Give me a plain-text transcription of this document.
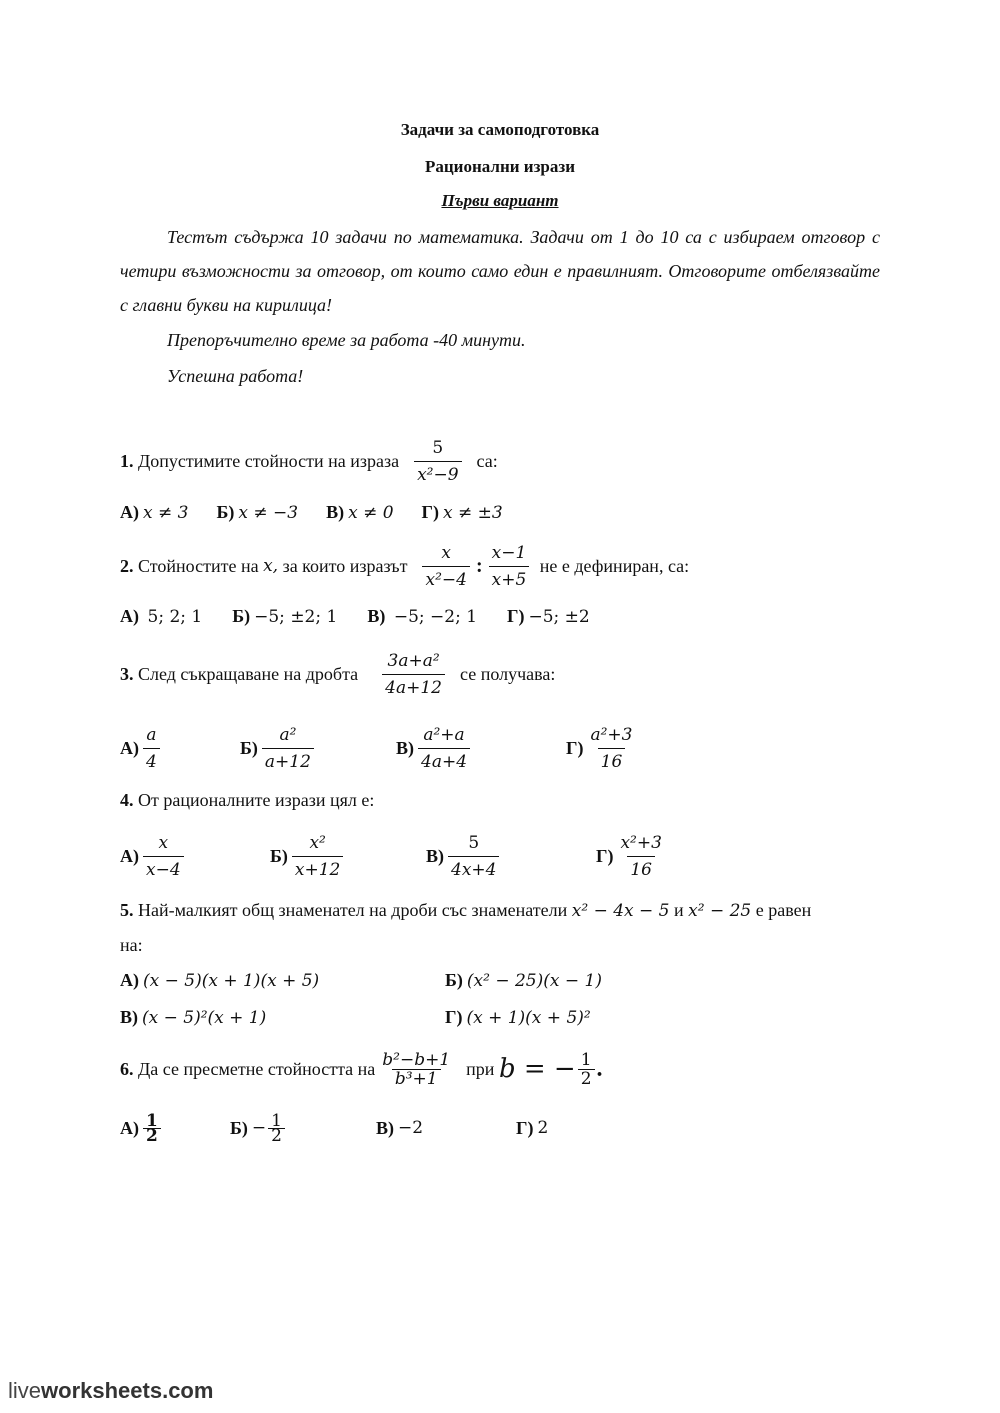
Задачи за самоподготовка
Рационални изрази
Първи вариант
Тестът съдържа 10 задачи по математика. Задачи от 1 до 10 са с избираем отговор с четири възможности за отговор, от които само един е правилният. Отговорите отбелязвайте с главни букви на кирилица!
Препоръчително време за работа -40 минути.
Успешна работа!
1.
Допустимите стойности на израза
$\frac{5}{\text{x²−9}}$
са:
А) x ≠ 3 Б) x ≠ −3 В) x ≠ 0 Г) x ≠ ±3
2.
Стойностите на
x,
за които изразът
$\frac{x}{\text{x²−4}}$ : $\frac{x-1}{x+5}$
не е дефиниран, са:
А)
5; 2; 1 Б) −5; ±2; 1 В)
−5; −2; 1 Г) −5; ±2
3.
След съкращаване на дробта
$\frac{\text{3a+a²}}{4a+12}$
се получава:
$А) \frac{a}{4}$	$Б) \frac{\text{a²}}{a+12}$	$В) \frac{\text{a²+a}}{4a+4}$	$Г) \frac{\text{a²+3}}{16}$
4.
От рационалните изрази цял е:
$А) \frac{x}{x-4}$	$Б) \frac{\text{x²}}{x+12}$	$В) \frac{5}{4x+4}$	$Г) \frac{\text{x²+3}}{16}$
5.
Най-малкият общ знаменател на дроби със знаменатели
x² − 4x − 5
и
x² − 25
е равен
на:
А) (x − 5)(x + 1)(x + 5)	Б) (x² − 25)(x − 1)
В) (x − 5)²(x + 1)	Г) (x + 1)(x + 5)²
6.
Да се пресметне стойността на $\frac{\text{b²−b+1}}{\text{b³+1}}$
при
b = − $\frac{1}{2}$ .
$А) \frac{1}{2}$	$Б) - \frac{1}{2}$	В) −2	Г) 2
liveworksheets.com
